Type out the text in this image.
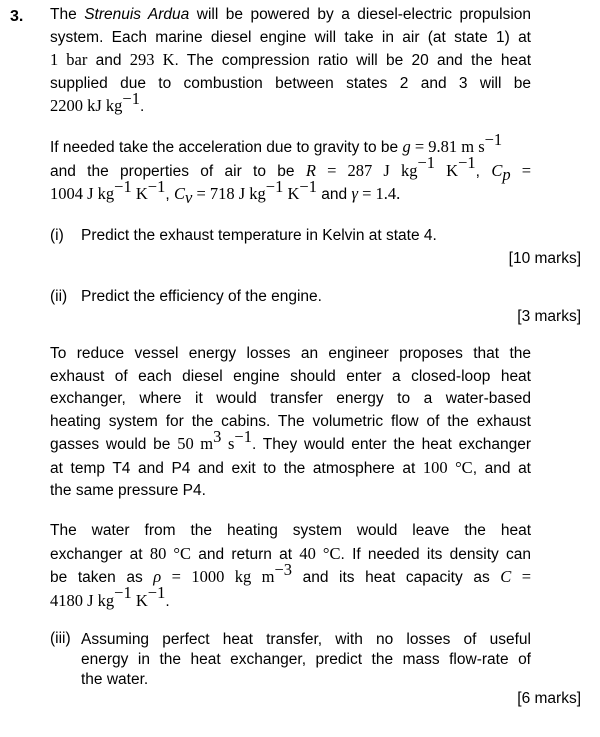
3. The Strenuis Ardua will be powered by a diesel-electric propulsion
system. Each marine diesel engine will take in air (at state 1) at
1 bar and 293 K. The compression ratio will be 20 and the heat
supplied due to combustion between states 2 and 3 will be
2200 kJ $kg^{-1}$.
If needed take the acceleration due to gravity to be g = 9.81 m $s^{-1}$
and the properties of air to be R = 287 J $kg^{-1}$ $K^{-1}$, $C_p$ =
1004 J $kg^{-1}$ $K^{-1}$, $C_v = 718$ J $kg^{-1}$ $K^{-1}$ and γ = 1.4.
(i) Predict the exhaust temperature in Kelvin at state 4.
[10 marks]
(ii) Predict the efficiency of the engine.
[3 marks]
To reduce vessel energy losses an engineer proposes that the
exhaust of each diesel engine should enter a closed-loop heat
exchanger, where it would transfer energy to a water-based
heating system for the cabins. The volumetric flow of the exhaust
gasses would be 50 $m^3$ $s^{-1}$. They would enter the heat exchanger
at temp T4 and P4 and exit to the atmosphere at 100 °C, and at
the same pressure P4.
The water from the heating system would leave the heat
exchanger at 80 °C and return at 40 °C. If needed its density can
be taken as ρ = 1000 kg $m^{-3}$ and its heat capacity as C =
4180 J $kg^{-1}$ $K^{-1}$.
(iii) Assuming perfect heat transfer, with no losses of useful
energy in the heat exchanger, predict the mass flow-rate of
the water.
[6 marks]
